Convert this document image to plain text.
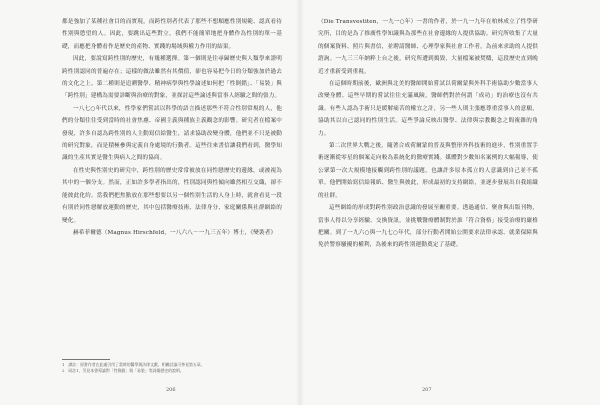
都是強加了某種社會目的而實現，而跨性別者代表了那些不想順應性別規範、認真看待性別與慾望的人。因此，要跳出這些對立，我們不能簡單地把身體作為性別的單一基礎，而應把身體看作是歷史的產物、實踐的場域與權力作用的結果。

因此，要說寫跨性別的歷史，有幾種選擇。第一個則是往尋歸歷史與人類學來證明跨性別認同的普遍存在；這樣的做法雖然有其價值，卻也容易把今日的分類強加於過去的文化之上。第二種則是追溯醫學、精神病學與性學論述如何把「性倒錯」、「易裝」與「跨性別」建構為需要診斷與治療的對象，並探討這些論述與當事人經驗之間的張力。

一八七○年代以來，性學家們嘗試以科學的語言描述那些不符合性別常規的人，他們的分類往往受到當時的社會焦慮、帝國主義與種族主義觀念的影響。研究者在檔案中發現，許多自認為跨性別的人主動寫信給醫生，請求協助改變身體，他們並不只是被動的研究對象，而是積極參與定義自身處境的行動者。這些往來書信讓我們看到，醫學知識的生產其實是醫生與病人之間的協商。

在性史與性別史的研究中，跨性別的歷史常常被放在同性戀歷史的邊緣，或被視為其中的一個分支。然而，正如許多學者指出的，性別認同與性傾向雖然相互交織，卻不能彼此化約。當我們把焦點放在那些想要以另一個性別生活的人身上時，就會看見一段有別於同性戀解放運動的歷史，其中包括醫療技術、法律身分、家庭關係與社群網絡的變化。

赫希菲爾德（Magnus Hirschfeld，一八六八－一九三五年）博士，《變裝者》

1　譯註：原書作者在此處引用了當時的醫學與法律文獻，相關討論可參見第五章。

2　同註1，另見本書導論對「性倒錯」與「易裝」等詞彙歷史的說明。

206

（Die Transvestiten，一九一○年）一書的作者，於一九一九年在柏林成立了性學研究所，目的是為了推廣性學知識與為那些在社會邊緣的人提供協助。研究所收集了大量的個案資料、照片與書信，並聘請醫師、心理學家與社會工作者，為前來求助的人提供諮詢。一九三三年納粹上台之後，研究所遭到搗毀，大量檔案被焚燬，這段歷史直到晚近才重新受到重視。

在這個時期前後，歐洲與北美的醫師開始嘗試以荷爾蒙與外科手術協助少數當事人改變身體。這些早期的嘗試往往充滿風險，醫師們對於何謂「成功」的治療也沒有共識。有些人認為手術只是緩解痛苦的權宜之計，另一些人則主張應尊重當事人的意願，協助其以自己認同的性別生活。這些爭論反映出醫學、法律與宗教觀念之間複雜的角力。

第二次世界大戰之後，隨著合成荷爾蒙的普及與整形外科技術的進步，性別重置手術逐漸從零星的個案走向較為系統化的醫療實踐。媒體對少數知名案例的大幅報導，使公眾第一次大規模地接觸到跨性別的議題，也讓許多原本孤立的人意識到自己並不孤單。他們開始寫信給報紙、醫生與彼此，形成最初的支持網絡，並逐步發展出自我組織的社群。

這些網絡的形成對跨性別政治意識的發展至關重要。透過通信、聚會與出版刊物，當事人得以分享經驗、交換資訊，並挑戰醫療體制對於誰「符合資格」接受治療的嚴格把關。到了一九六○與一九七○年代，部分行動者開始公開要求法律承認、就業保障與免於警察騷擾的權利，為後來的跨性別運動奠定了基礎。

207
